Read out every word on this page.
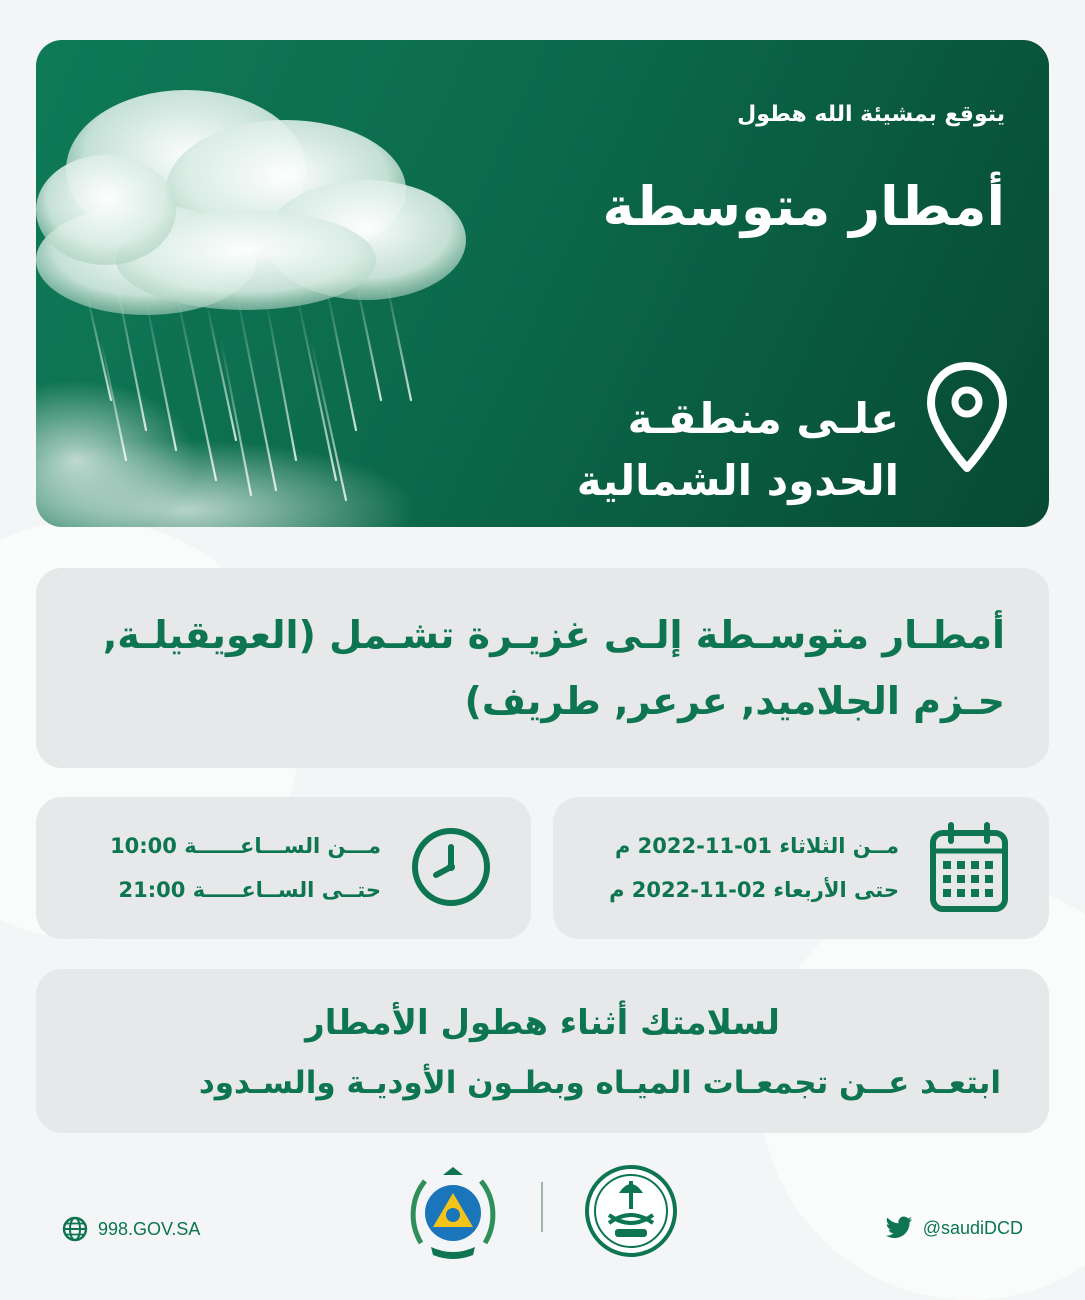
يتوقع بمشيئة الله هطول
أمطار متوسطة
علـى منطقـة
الحدود الشمالية
أمطـار متوسـطة إلـى غزيـرة تشـمل (العويقيلـة,
حـزم الجلاميد, عرعر, طريف)
مـــن الســـاعــــــة 10:00
حتــى الســاعـــــة 21:00
مــن الثلاثاء 01-11-2022 م
حتى الأربعاء 02-11-2022 م
لسلامتك أثناء هطول الأمطار
ابتعـد عــن تجمعـات الميـاه وبطـون الأوديـة والسـدود
998.GOV.SA	@saudiDCD
